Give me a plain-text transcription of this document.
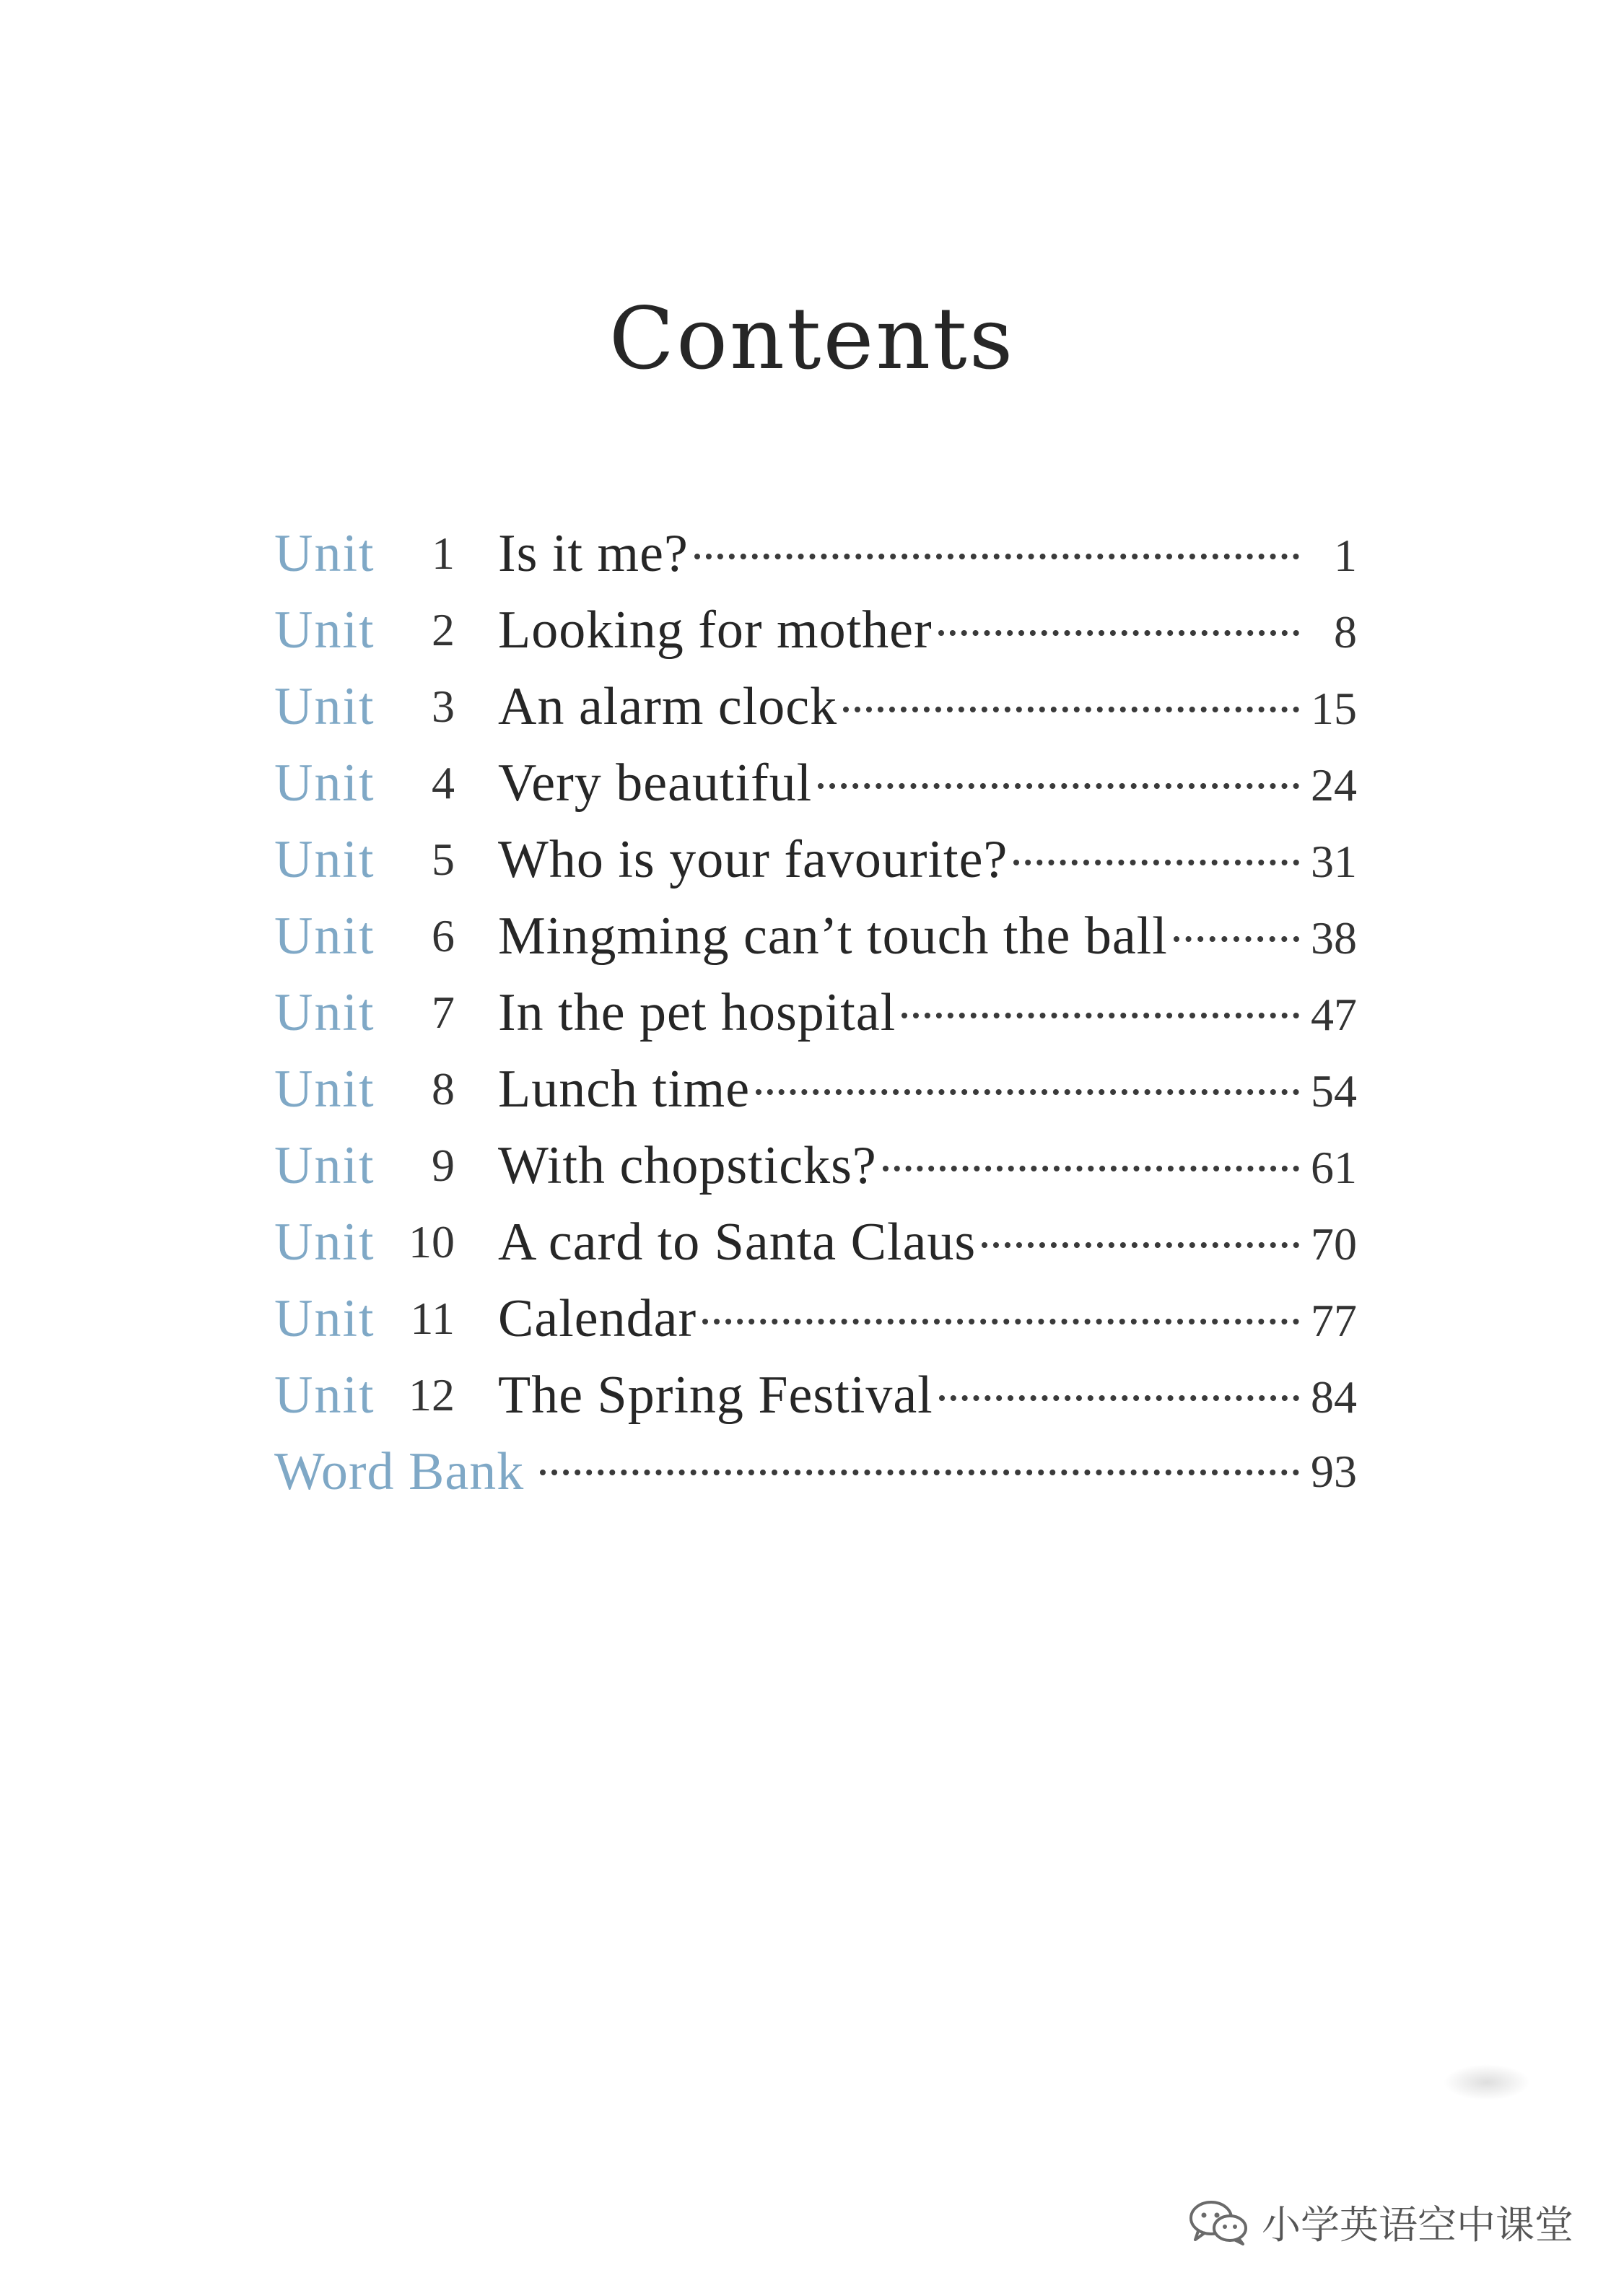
Contents
Unit	1 Is it me?	1
Unit	2 Looking for mother	8
Unit	3 An alarm clock	15
Unit	4 Very beautiful	24
Unit	5 Who is your favourite?	31
Unit	6 Mingming can’t touch the ball	38
Unit	7 In the pet hospital	47
Unit	8 Lunch time	54
Unit	9 With chopsticks?	61
Unit 10 A card to Santa Claus	70
Unit 11 Calendar	77
Unit 12 The Spring Festival	84
Word Bank	93
小学英语空中课堂
